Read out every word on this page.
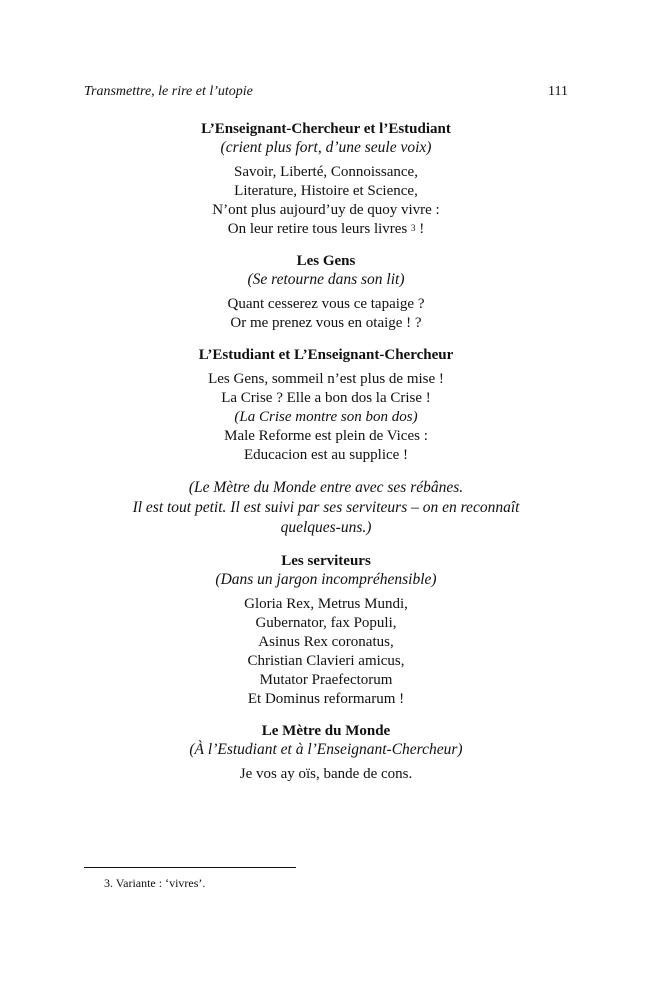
Transmettre, le rire et l’utopie	111

L’Enseignant-Chercheur et l’Estudiant

(crient plus fort, d’une seule voix)

Savoir, Liberté, Connoissance,

Literature, Histoire et Science,

N’ont plus aujourd’uy de quoy vivre :

On leur retire tous leurs livres $^3$ !

Les Gens

(Se retourne dans son lit)

Quant cesserez vous ce tapaige ?

Or me prenez vous en otaige ! ?

L’Estudiant et L’Enseignant-Chercheur

Les Gens, sommeil n’est plus de mise !

La Crise ? Elle a bon dos la Crise !

(La Crise montre son bon dos)

Male Reforme est plein de Vices :

Educacion est au supplice !

(Le Mètre du Monde entre avec ses rébânes.

Il est tout petit. Il est suivi par ses serviteurs – on en reconnaît

quelques-uns.)

Les serviteurs

(Dans un jargon incompréhensible)

Gloria Rex, Metrus Mundi,

Gubernator, fax Populi,

Asinus Rex coronatus,

Christian Clavieri amicus,

Mutator Praefectorum

Et Dominus reformarum !

Le Mètre du Monde

(À l’Estudiant et à l’Enseignant-Chercheur)

Je vos ay oïs, bande de cons.

3. Variante : ‘vivres’.
